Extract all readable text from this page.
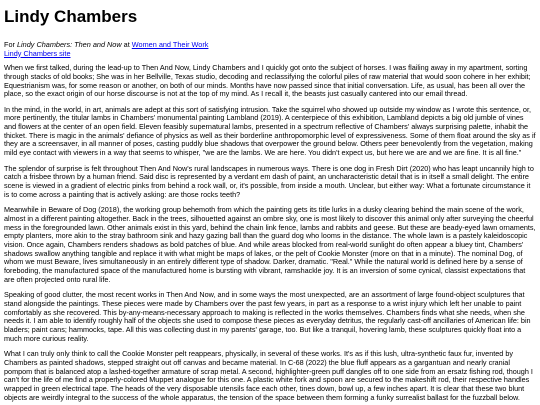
Lindy Chambers
For Lindy Chambers: Then and Now at Women and Their Work
Lindy Chambers site

When we first talked, during the lead-up to Then And Now, Lindy Chambers and I quickly got onto the subject of horses. I was flailing away in my apartment, sorting through stacks of old books; She was in her Bellville, Texas studio, decoding and reclassifying the colorful piles of raw material that would soon cohere in her exhibit; Equestrianism was, for some reason or another, on both of our minds. Months have now passed since that initial conversation. Life, as usual, has been all over the place, so the exact origin of our horse discourse is not at the top of my mind. As I recall it, the beasts just casually cantered into our email thread.

In the mind, in the world, in art, animals are adept at this sort of satisfying intrusion. Take the squirrel who showed up outside my window as I wrote this sentence, or, more pertinently, the titular lambs in Chambers' monumental painting Lambland (2019). A centerpiece of this exhibition, Lambland depicts a big old jumble of vines and flowers at the center of an open field. Eleven feasibly supernatural lambs, presented in a spectrum reflective of Chambers' always surprising palette, inhabit the thicket. There is magic in the animals' defiance of physics as well as their borderline anthropomorphic level of expressiveness. Some of them float around the sky as if they are a screensaver, in all manner of poses, casting puddly blue shadows that overpower the ground below. Others peer benevolently from the vegetation, making mild eye contact with viewers in a way that seems to whisper, "we are the lambs. We are here. You didn't expect us, but here we are and we are fine. It is all fine."

The splendor of surprise is felt throughout Then And Now's rural landscapes in numerous ways. There is one dog in Fresh Dirt (2020) who has leapt uncannily high to catch a frisbee thrown by a human friend. Said disc is represented by a verdant em dash of paint, an uncharacteristic detail that is in itself a small delight. The entire scene is viewed in a gradient of electric pinks from behind a rock wall, or, it's possible, from inside a mouth. Unclear, but either way: What a fortunate circumstance it is to come across a painting that is actively asking: are those rocks teeth?

Meanwhile in Beware of Dog (2018), the working group behemoth from which the painting gets its title lurks in a dusky clearing behind the main scene of the work, almost in a different painting altogether. Back in the trees, silhouetted against an ombre sky, one is most likely to discover this animal only after surveying the cheerful mess in the foregrounded lawn. Other animals exist in this yard, behind the chain link fence, lambs and rabbits and geese. But these are beady-eyed lawn ornaments, empty planters, more akin to the stray bathroom sink and hazy gazing ball than the guard dog who looms in the distance. The whole lawn is a pastely kaleidoscopic vision. Once again, Chambers renders shadows as bold patches of blue. And while areas blocked from real-world sunlight do often appear a bluey tint, Chambers' shadows swallow anything tangible and replace it with what might be maps of lakes, or the pelt of Cookie Monster (more on that in a minute). The nominal Dog, of whom we must Beware, lives simultaneously in an entirely different type of shadow. Darker, dramatic. "Real." While the natural world is defined here by a sense of foreboding, the manufactured space of the manufactured home is bursting with vibrant, ramshackle joy. It is an inversion of some cynical, classist expectations that are often projected onto rural life.

Speaking of good clutter, the most recent works in Then And Now, and in some ways the most unexpected, are an assortment of large found-object sculptures that stand alongside the paintings. These pieces were made by Chambers over the past few years, in part as a response to a wrist injury which left her unable to paint comfortably as she recovered. This by-any-means-necessary approach to making is reflected in the works themselves. Chambers finds what she needs, when she needs it. I am able to identify roughly half of the objects she used to compose these pieces as everyday detritus, the regularly cast-off ancillaries of American life: bin bladers; paint cans; hammocks, tape. All this was collecting dust in my parents' garage, too. But like a tranquil, hovering lamb, these sculptures quickly float into a much more curious reality.

What I can truly only think to call the Cookie Monster pelt reappears, physically, in several of these works. It's as if this lush, ultra-synthetic faux fur, invented by Chambers as painted shadows, stepped straight out off canvas and became material. In C-68 (2022) the blue fluff appears as a gargantuan and nearly cranial pompom that is balanced atop a lashed-together armature of scrap metal. A second, highlighter-green puff dangles off to one side from an ersatz fishing rod, though I can't for the life of me find a properly-colored Muppet analogue for this one. A plastic white fork and spoon are secured to the makeshift rod, their respective handles wrapped in green electrical tape. The heads of the very disposable utensils face each other, tines down, bowl up, a few inches apart. It is clear that these two blunt objects are weirdly integral to the success of the whole apparatus, the tension of the space between them forming a funky surrealist ballast for the fuzzball below.
